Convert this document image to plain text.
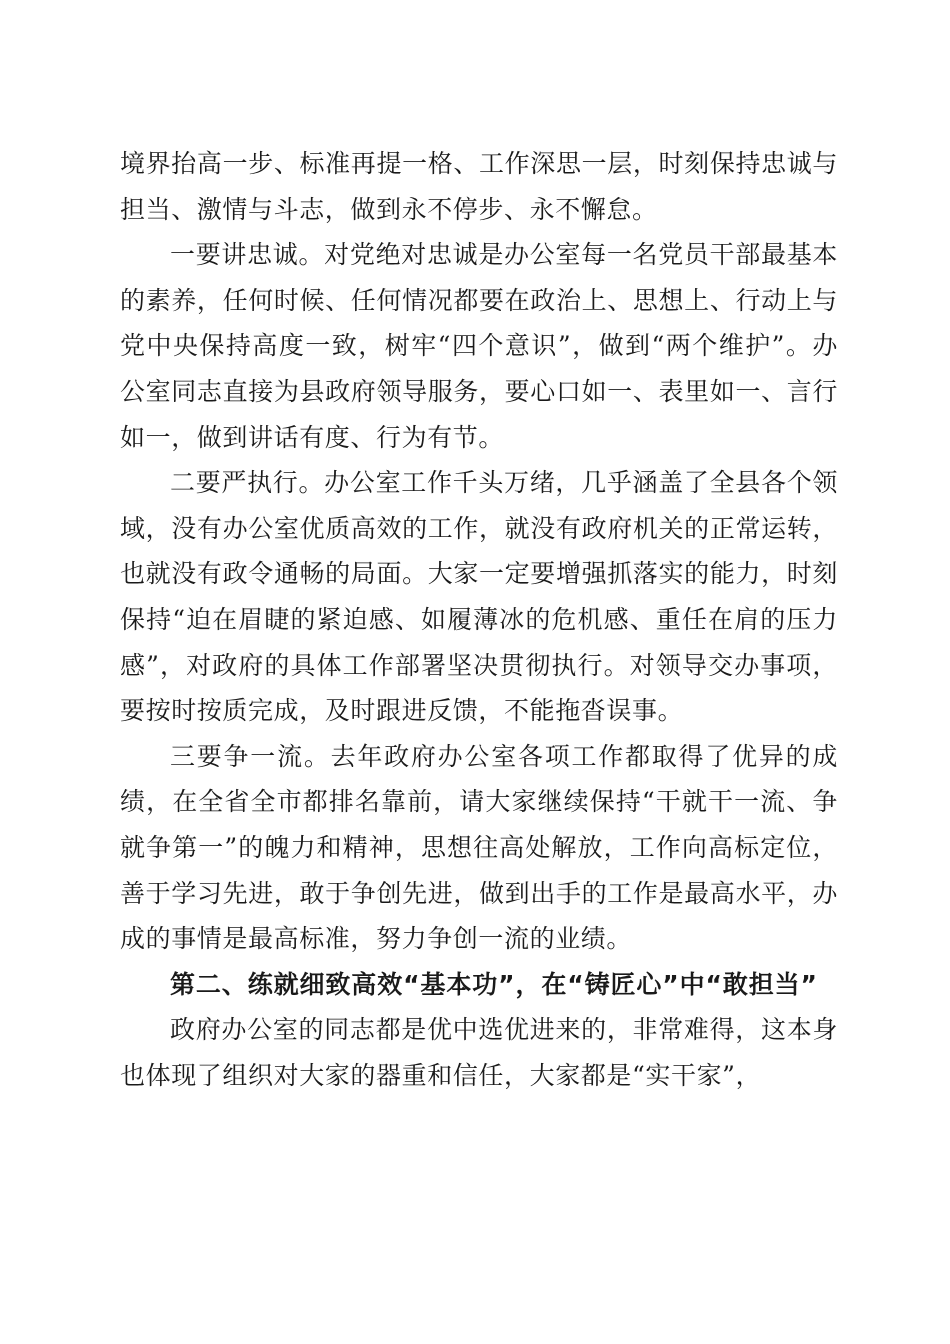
境界抬高一步、标准再提一格、工作深思一层，时刻保持忠诚与担当、激情与斗志，做到永不停步、永不懈怠。

一要讲忠诚。对党绝对忠诚是办公室每一名党员干部最基本的素养，任何时候、任何情况都要在政治上、思想上、行动上与党中央保持高度一致，树牢“四个意识”，做到“两个维护”。办公室同志直接为县政府领导服务，要心口如一、表里如一、言行如一，做到讲话有度、行为有节。

二要严执行。办公室工作千头万绪，几乎涵盖了全县各个领域，没有办公室优质高效的工作，就没有政府机关的正常运转，也就没有政令通畅的局面。大家一定要增强抓落实的能力，时刻保持“迫在眉睫的紧迫感、如履薄冰的危机感、重任在肩的压力感”，对政府的具体工作部署坚决贯彻执行。对领导交办事项，要按时按质完成，及时跟进反馈，不能拖沓误事。

三要争一流。去年政府办公室各项工作都取得了优异的成绩，在全省全市都排名靠前，请大家继续保持“干就干一流、争就争第一”的魄力和精神，思想往高处解放，工作向高标定位，善于学习先进，敢于争创先进，做到出手的工作是最高水平，办成的事情是最高标准，努力争创一流的业绩。

第二、练就细致高效“基本功”，在“铸匠心”中“敢担当”

政府办公室的同志都是优中选优进来的，非常难得，这本身也体现了组织对大家的器重和信任，大家都是“实干家”，
